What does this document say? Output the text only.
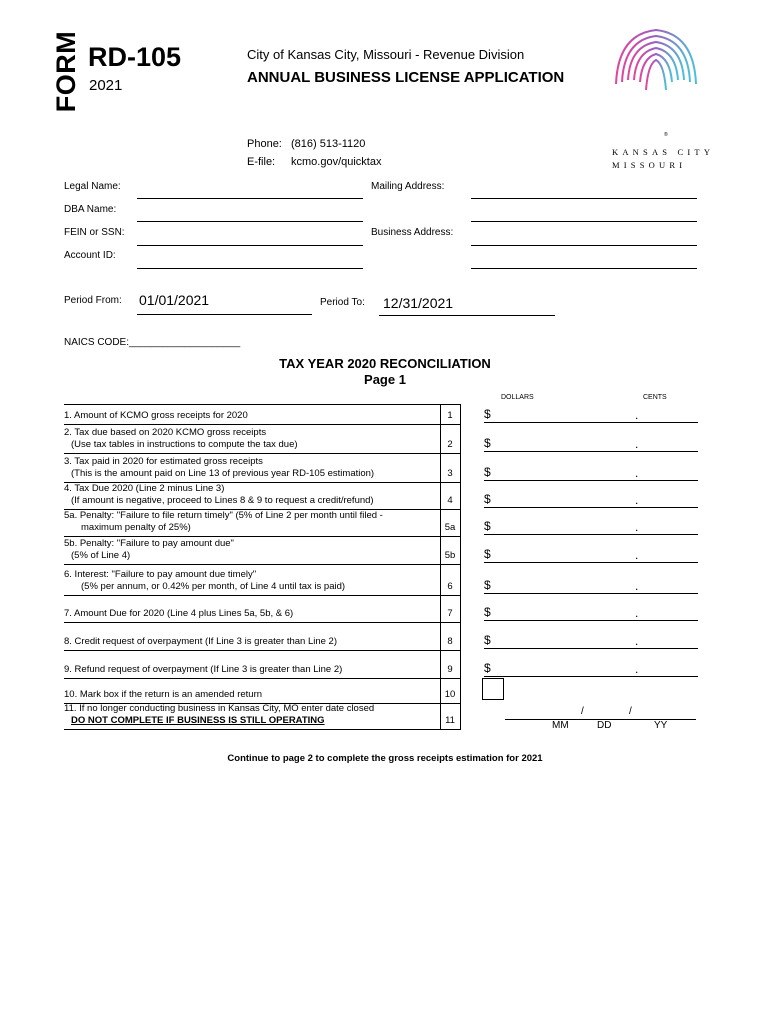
FORM RD-105
2021
City of Kansas City, Missouri - Revenue Division
ANNUAL BUSINESS LICENSE APPLICATION
Phone: (816) 513-1120
E-file: kcmo.gov/quicktax
®
KANSAS CITY
MISSOURI
Legal Name:
DBA Name:
FEIN or SSN:
Account ID:
Mailing Address:
Business Address:
Period From: 01/01/2021	Period To: 12/31/2021
NAICS CODE:____________________
TAX YEAR 2020 RECONCILIATION
Page 1
DOLLARS	CENTS
1. Amount of KCMO gross receipts for 2020	1	$	.
2. Tax due based on 2020 KCMO gross receipts
(Use tax tables in instructions to compute the tax due)	2	$	.
3. Tax paid in 2020 for estimated gross receipts
(This is the amount paid on Line 13 of previous year RD-105 estimation)	3	$	.
4. Tax Due 2020 (Line 2 minus Line 3)
(If amount is negative, proceed to Lines 8 & 9 to request a credit/refund)	4	$	.
5a. Penalty: "Failure to file return timely" (5% of Line 2 per month until filed -
maximum penalty of 25%)	5a	$	.
5b. Penalty: "Failure to pay amount due"
(5% of Line 4)	5b	$	.
6. Interest: "Failure to pay amount due timely"
(5% per annum, or 0.42% per month, of Line 4 until tax is paid)	6	$	.
7. Amount Due for 2020 (Line 4 plus Lines 5a, 5b, & 6)	7	$	.
8. Credit request of overpayment (If Line 3 is greater than Line 2)	8	$	.
9. Refund request of overpayment (If Line 3 is greater than Line 2)	9	$	.
10. Mark box if the return is an amended return	10
11. If no longer conducting business in Kansas City, MO enter date closed
DO NOT COMPLETE IF BUSINESS IS STILL OPERATING	11
/	/
MM	DD	YY
Continue to page 2 to complete the gross receipts estimation for 2021
